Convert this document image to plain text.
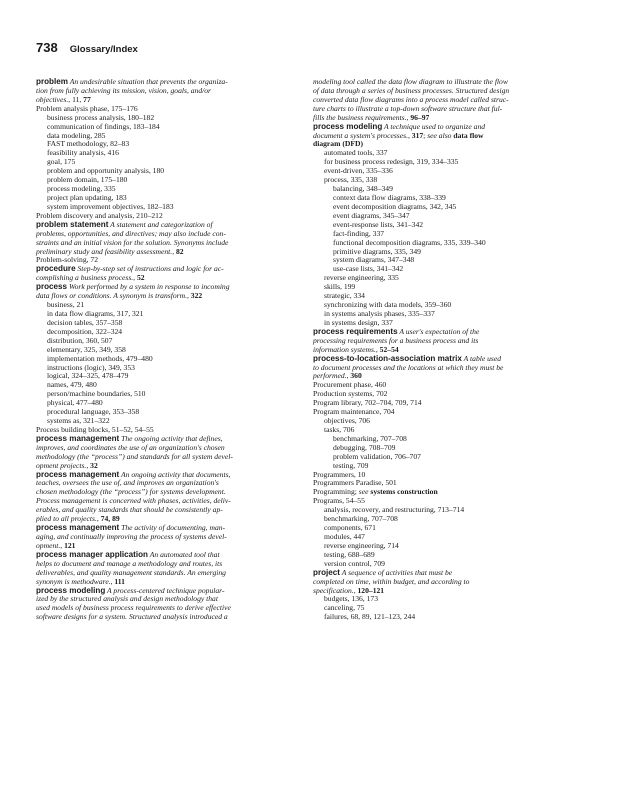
738 Glossary/Index
problem An undesirable situation that prevents the organiza-
tion from fully achieving its mission, vision, goals, and/or
objectives., 11, 77
Problem analysis phase, 175–176
business process analysis, 180–182
communication of findings, 183–184
data modeling, 285
FAST methodology, 82–83
feasibility analysis, 416
goal, 175
problem and opportunity analysis, 180
problem domain, 175–180
process modeling, 335
project plan updating, 183
system improvement objectives, 182–183
Problem discovery and analysis, 210–212
problem statement A statement and categorization of
problems, opportunities, and directives; may also include con-
straints and an initial vision for the solution. Synonyms include
preliminary study and feasibility assessment., 82
Problem-solving, 72
procedure Step-by-step set of instructions and logic for ac-
complishing a business process., 52
process Work performed by a system in response to incoming
data flows or conditions. A synonym is transform., 322
business, 21
in data flow diagrams, 317, 321
decision tables, 357–358
decomposition, 322–324
distribution, 360, 507
elementary, 325, 349, 358
implementation methods, 479–480
instructions (logic), 349, 353
logical, 324–325, 478–479
names, 479, 480
person/machine boundaries, 510
physical, 477–480
procedural language, 353–358
systems as, 321–322
Process building blocks, 51–52, 54–55
process management The ongoing activity that defines,
improves, and coordinates the use of an organization's chosen
methodology (the “process”) and standards for all system devel-
opment projects., 32
process management An ongoing activity that documents,
teaches, oversees the use of, and improves an organization's
chosen methodology (the “process”) for systems development.
Process management is concerned with phases, activities, deliv-
erables, and quality standards that should be consistently ap-
plied to all projects., 74, 89
process management The activity of documenting, man-
aging, and continually improving the process of systems devel-
opment., 121
process manager application An automated tool that
helps to document and manage a methodology and routes, its
deliverables, and quality management standards. An emerging
synonym is methodware., 111
process modeling A process-centered technique popular-
ized by the structured analysis and design methodology that
used models of business process requirements to derive effective
software designs for a system. Structured analysis introduced a
modeling tool called the data flow diagram to illustrate the flow
of data through a series of business processes. Structured design
converted data flow diagrams into a process model called struc-
ture charts to illustrate a top-down software structure that ful-
fills the business requirements., 96–97
process modeling A technique used to organize and
document a system's processes., 317; see also data flow
diagram (DFD)
automated tools, 337
for business process redesign, 319, 334–335
event-driven, 335–336
process, 335, 338
balancing, 348–349
context data flow diagrams, 338–339
event decomposition diagrams, 342, 345
event diagrams, 345–347
event-response lists, 341–342
fact-finding, 337
functional decomposition diagrams, 335, 339–340
primitive diagrams, 335, 349
system diagrams, 347–348
use-case lists, 341–342
reverse engineering, 335
skills, 199
strategic, 334
synchronizing with data models, 359–360
in systems analysis phases, 335–337
in systems design, 337
process requirements A user's expectation of the
processing requirements for a business process and its
information systems., 52–54
process-to-location-association matrix A table used
to document processes and the locations at which they must be
performed., 360
Procurement phase, 460
Production systems, 702
Program library, 702–704, 709, 714
Program maintenance, 704
objectives, 706
tasks, 706
benchmarking, 707–708
debugging, 708–709
problem validation, 706–707
testing, 709
Programmers, 10
Programmers Paradise, 501
Programming; see systems construction
Programs, 54–55
analysis, recovery, and restructuring, 713–714
benchmarking, 707–708
components, 671
modules, 447
reverse engineering, 714
testing, 688–689
version control, 709
project A sequence of activities that must be
completed on time, within budget, and according to
specification., 120–121
budgets, 136, 173
canceling, 75
failures, 68, 89, 121–123, 244
